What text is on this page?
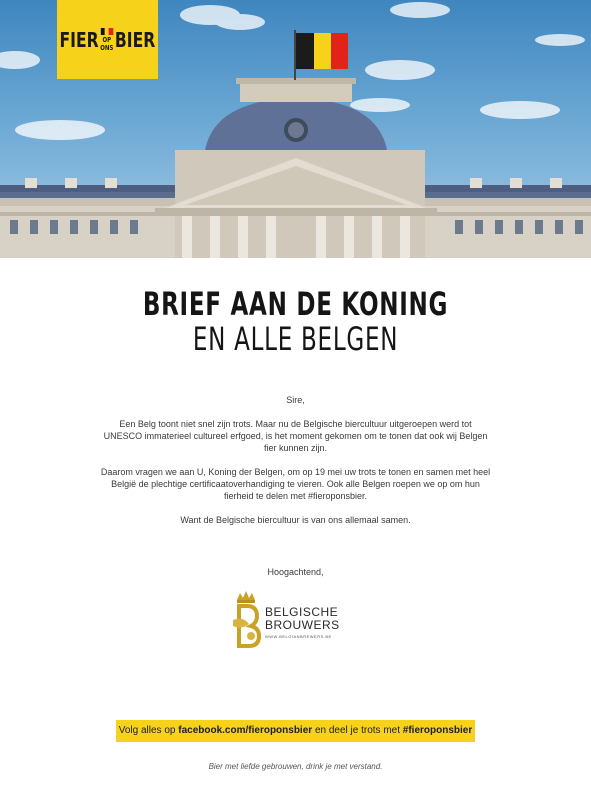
FIER OP
ONS BIER
BRIEF AAN DE KONING
EN ALLE BELGEN

Sire,

Een Belg toont niet snel zijn trots. Maar nu de Belgische biercultuur uitgeroepen werd tot UNESCO immaterieel cultureel erfgoed, is het moment gekomen om te tonen dat ook wij Belgen fier kunnen zijn.

Daarom vragen we aan U, Koning der Belgen, om op 19 mei uw trots te tonen en samen met heel België de plechtige certificaatoverhandiging te vieren. Ook alle Belgen roepen we op om hun fierheid te delen met #fieroponsbier.

Want de Belgische biercultuur is van ons allemaal samen.

Hoogachtend,
BELGISCHE
BROUWERS
WWW.BELGIANBREWERS.BE
Volg alles op facebook.com/fieroponsbier en deel je trots met #fieroponsbier
Bier met liefde gebrouwen, drink je met verstand.
